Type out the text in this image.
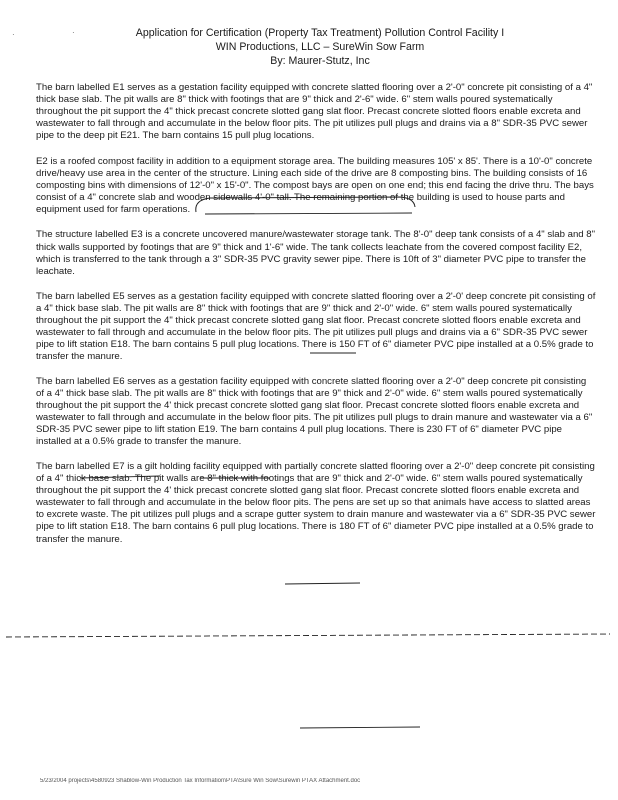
·	·	Application for Certification (Property Tax Treatment) Pollution Control Facility I
WIN Productions, LLC – SureWin Sow Farm
By: Maurer-Stutz, Inc

The barn labelled E1 serves as a gestation facility equipped with concrete slatted flooring over a 2'-0" concrete pit consisting of a 4" thick base slab. The pit walls are 8" thick with footings that are 9" thick and 2'-6" wide. 6" stem walls poured systematically throughout the pit support the 4" thick precast concrete slotted gang slat floor. Precast concrete slotted floors enable excreta and wastewater to fall through and accumulate in the below floor pits. The pit utilizes pull plugs and drains via a 8" SDR-35 PVC sewer pipe to the deep pit E21. The barn contains 15 pull plug locations.

E2 is a roofed compost facility in addition to a equipment storage area. The building measures 105' x 85'. There is a 10'-0" concrete drive/heavy use area in the center of the structure. Lining each side of the drive are 8 composting bins. The building consists of 16 composting bins with dimensions of 12'-0" x 15'-0". The compost bays are open on one end; this end facing the drive thru. The bays consist of a 4" concrete slab and wooden sidewalls 4'-0" tall. The remaining portion of the building is used to house parts and equipment used for farm operations.

The structure labelled E3 is a concrete uncovered manure/wastewater storage tank. The 8'-0" deep tank consists of a 4" slab and 8" thick walls supported by footings that are 9" thick and 1'-6" wide. The tank collects leachate from the covered compost facility E2, which is transferred to the tank through a 3" SDR-35 PVC gravity sewer pipe. There is 10ft of 3" diameter PVC pipe to transfer the leachate.

The barn labelled E5 serves as a gestation facility equipped with concrete slatted flooring over a 2'-0' deep concrete pit consisting of a 4" thick base slab. The pit walls are 8" thick with footings that are 9" thick and 2'-0" wide. 6" stem walls poured systematically throughout the pit support the 4" thick precast concrete slotted gang slat floor. Precast concrete slotted floors enable excreta and wastewater to fall through and accumulate in the below floor pits. The pit utilizes pull plugs and drains via a 6" SDR-35 PVC sewer pipe to lift station E18. The barn contains 5 pull plug locations. There is 150 FT of 6" diameter PVC pipe installed at a 0.5% grade to transfer the manure.

The barn labelled E6 serves as a gestation facility equipped with concrete slatted flooring over a 2'-0" deep concrete pit consisting of a 4" thick base slab. The pit walls are 8" thick with footings that are 9" thick and 2'-0" wide. 6" stem walls poured systematically throughout the pit support the 4' thick precast concrete slotted gang slat floor. Precast concrete slotted floors enable excreta and wastewater to fall through and accumulate in the below floor pits. The pit utilizes pull plugs to drain manure and wastewater via a 6" SDR-35 PVC sewer pipe to lift station E19. The barn contains 4 pull plug locations. There is 230 FT of 6" diameter PVC pipe installed at a 0.5% grade to transfer the manure.

The barn labelled E7 is a gilt holding facility equipped with partially concrete slatted flooring over a 2'-0" deep concrete pit consisting of a 4" thick base slab. The pit walls are 8" thick with footings that are 9" thick and 2'-0" wide. 6" stem walls poured systematically throughout the pit support the 4' thick precast concrete slotted gang slat floor. Precast concrete slotted floors enable excreta and wastewater to fall through and accumulate in the below floor pits. The pens are set up so that animals have access to slatted areas to excrete waste. The pit utilizes pull plugs and a scrape gutter system to drain manure and wastewater via a 6" SDR-35 PVC sewer pipe to lift station E18. The barn contains 6 pull plug locations. There is 180 FT of 6" diameter PVC pipe installed at a 0.5% grade to transfer the manure.

5/23/2004 projects\4580923 Shablow-Win Production Tax Information\PTA\Sure Win Sow\Surewin PTAX Attachment.doc
